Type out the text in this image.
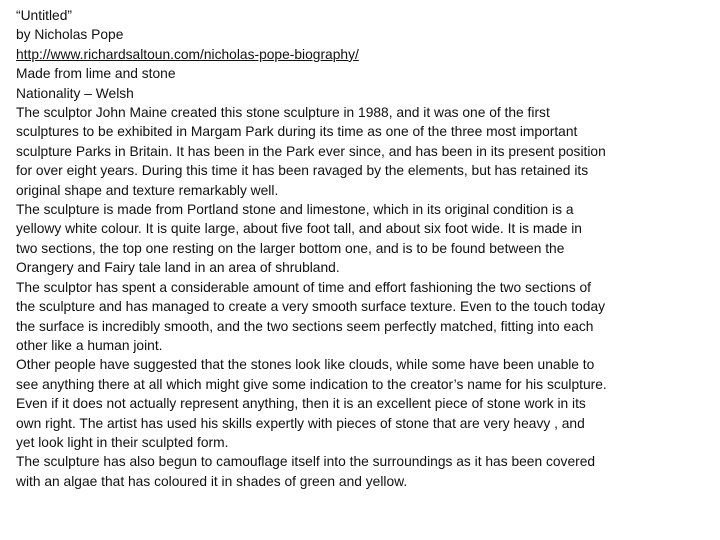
“Untitled”
by Nicholas Pope
http://www.richardsaltoun.com/nicholas-pope-biography/
Made from lime and stone
Nationality – Welsh
The sculptor John Maine created this stone sculpture in 1988, and it was one of the first
sculptures to be exhibited in Margam Park during its time as one of the three most important
sculpture Parks in Britain. It has been in the Park ever since, and has been in its present position
for over eight years. During this time it has been ravaged by the elements, but has retained its
original shape and texture remarkably well.
The sculpture is made from Portland stone and limestone, which in its original condition is a
yellowy white colour. It is quite large, about five foot tall, and about six foot wide. It is made in
two sections, the top one resting on the larger bottom one, and is to be found between the
Orangery and Fairy tale land in an area of shrubland.
The sculptor has spent a considerable amount of time and effort fashioning the two sections of
the sculpture and has managed to create a very smooth surface texture. Even to the touch today
the surface is incredibly smooth, and the two sections seem perfectly matched, fitting into each
other like a human joint.
Other people have suggested that the stones look like clouds, while some have been unable to
see anything there at all which might give some indication to the creator’s name for his sculpture.
Even if it does not actually represent anything, then it is an excellent piece of stone work in its
own right. The artist has used his skills expertly with pieces of stone that are very heavy , and
yet look light in their sculpted form.
The sculpture has also begun to camouflage itself into the surroundings as it has been covered
with an algae that has coloured it in shades of green and yellow.
